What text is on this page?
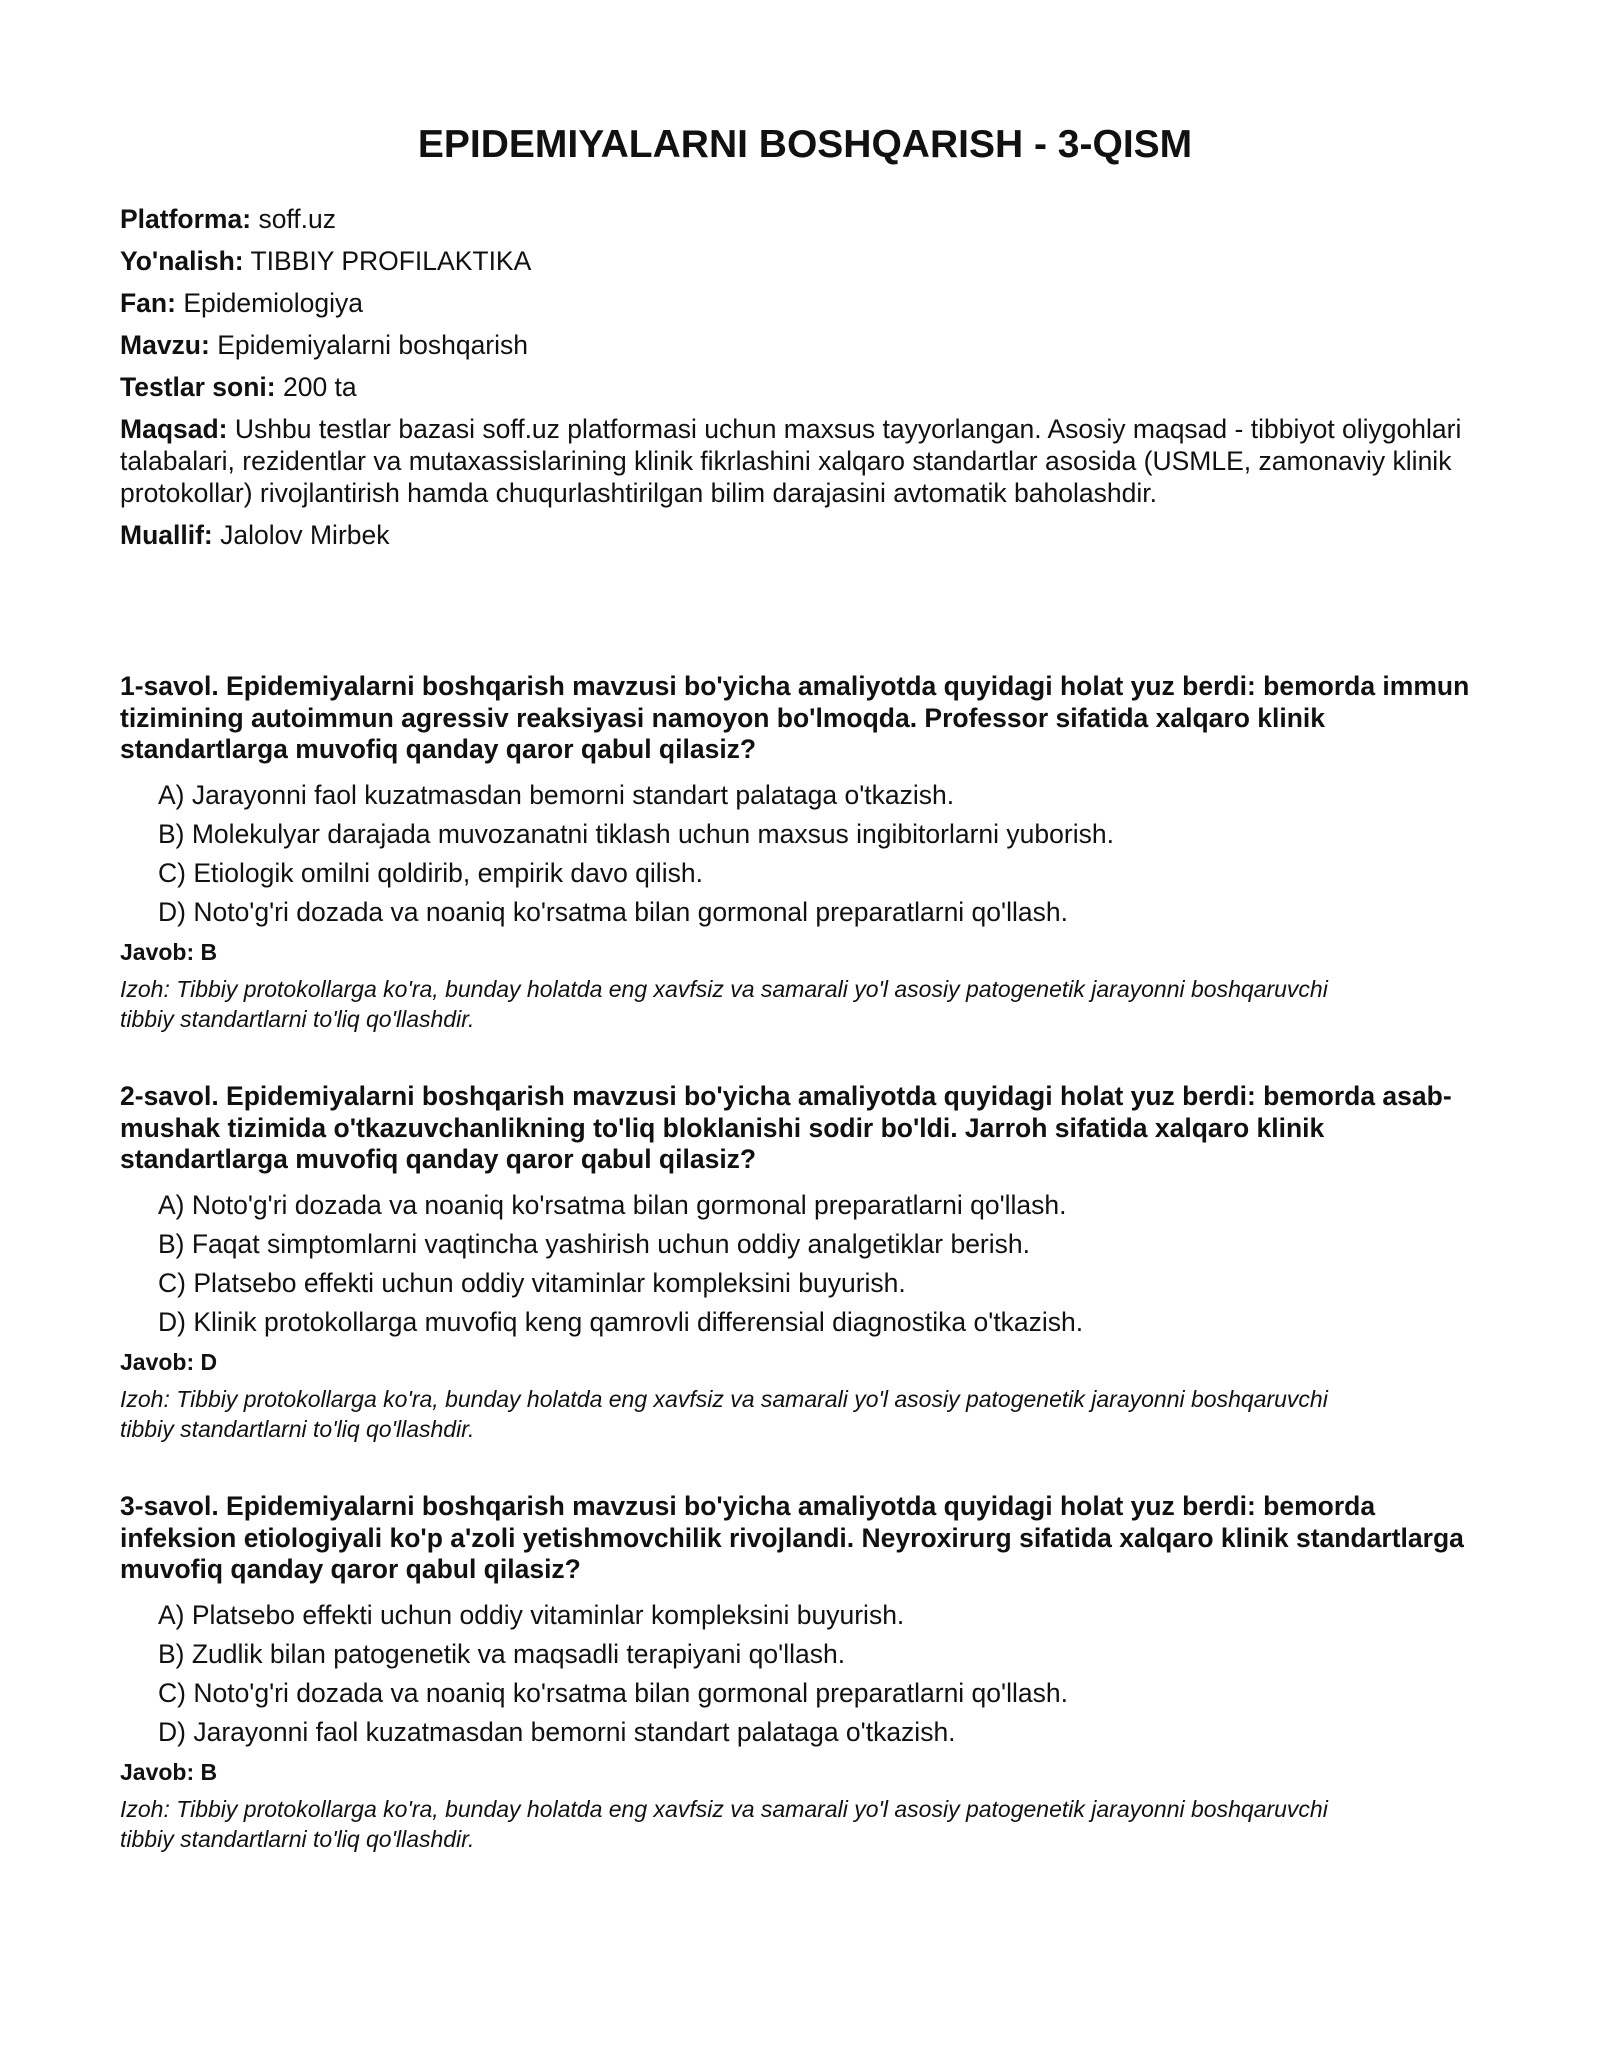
EPIDEMIYALARNI BOSHQARISH - 3-QISM
Platforma: soff.uz
Yo'nalish: TIBBIY PROFILAKTIKA
Fan: Epidemiologiya
Mavzu: Epidemiyalarni boshqarish
Testlar soni: 200 ta
Maqsad: Ushbu testlar bazasi soff.uz platformasi uchun maxsus tayyorlangan. Asosiy maqsad - tibbiyot oliygohlari talabalari, rezidentlar va mutaxassislarining klinik fikrlashini xalqaro standartlar asosida (USMLE, zamonaviy klinik protokollar) rivojlantirish hamda chuqurlashtirilgan bilim darajasini avtomatik baholashdir.
Muallif: Jalolov Mirbek

1-savol. Epidemiyalarni boshqarish mavzusi bo'yicha amaliyotda quyidagi holat yuz berdi: bemorda immun tizimining autoimmun agressiv reaksiyasi namoyon bo'lmoqda. Professor sifatida xalqaro klinik standartlarga muvofiq qanday qaror qabul qilasiz?

A) Jarayonni faol kuzatmasdan bemorni standart palataga o'tkazish.
B) Molekulyar darajada muvozanatni tiklash uchun maxsus ingibitorlarni yuborish.
C) Etiologik omilni qoldirib, empirik davo qilish.
D) Noto'g'ri dozada va noaniq ko'rsatma bilan gormonal preparatlarni qo'llash.
Javob: B
Izoh: Tibbiy protokollarga ko'ra, bunday holatda eng xavfsiz va samarali yo'l asosiy patogenetik jarayonni boshqaruvchi tibbiy standartlarni to'liq qo'llashdir.

2-savol. Epidemiyalarni boshqarish mavzusi bo'yicha amaliyotda quyidagi holat yuz berdi: bemorda asab-mushak tizimida o'tkazuvchanlikning to'liq bloklanishi sodir bo'ldi. Jarroh sifatida xalqaro klinik standartlarga muvofiq qanday qaror qabul qilasiz?

A) Noto'g'ri dozada va noaniq ko'rsatma bilan gormonal preparatlarni qo'llash.
B) Faqat simptomlarni vaqtincha yashirish uchun oddiy analgetiklar berish.
C) Platsebo effekti uchun oddiy vitaminlar kompleksini buyurish.
D) Klinik protokollarga muvofiq keng qamrovli differensial diagnostika o'tkazish.
Javob: D
Izoh: Tibbiy protokollarga ko'ra, bunday holatda eng xavfsiz va samarali yo'l asosiy patogenetik jarayonni boshqaruvchi tibbiy standartlarni to'liq qo'llashdir.

3-savol. Epidemiyalarni boshqarish mavzusi bo'yicha amaliyotda quyidagi holat yuz berdi: bemorda infeksion etiologiyali ko'p a'zoli yetishmovchilik rivojlandi. Neyroxirurg sifatida xalqaro klinik standartlarga muvofiq qanday qaror qabul qilasiz?

A) Platsebo effekti uchun oddiy vitaminlar kompleksini buyurish.
B) Zudlik bilan patogenetik va maqsadli terapiyani qo'llash.
C) Noto'g'ri dozada va noaniq ko'rsatma bilan gormonal preparatlarni qo'llash.
D) Jarayonni faol kuzatmasdan bemorni standart palataga o'tkazish.
Javob: B
Izoh: Tibbiy protokollarga ko'ra, bunday holatda eng xavfsiz va samarali yo'l asosiy patogenetik jarayonni boshqaruvchi tibbiy standartlarni to'liq qo'llashdir.
